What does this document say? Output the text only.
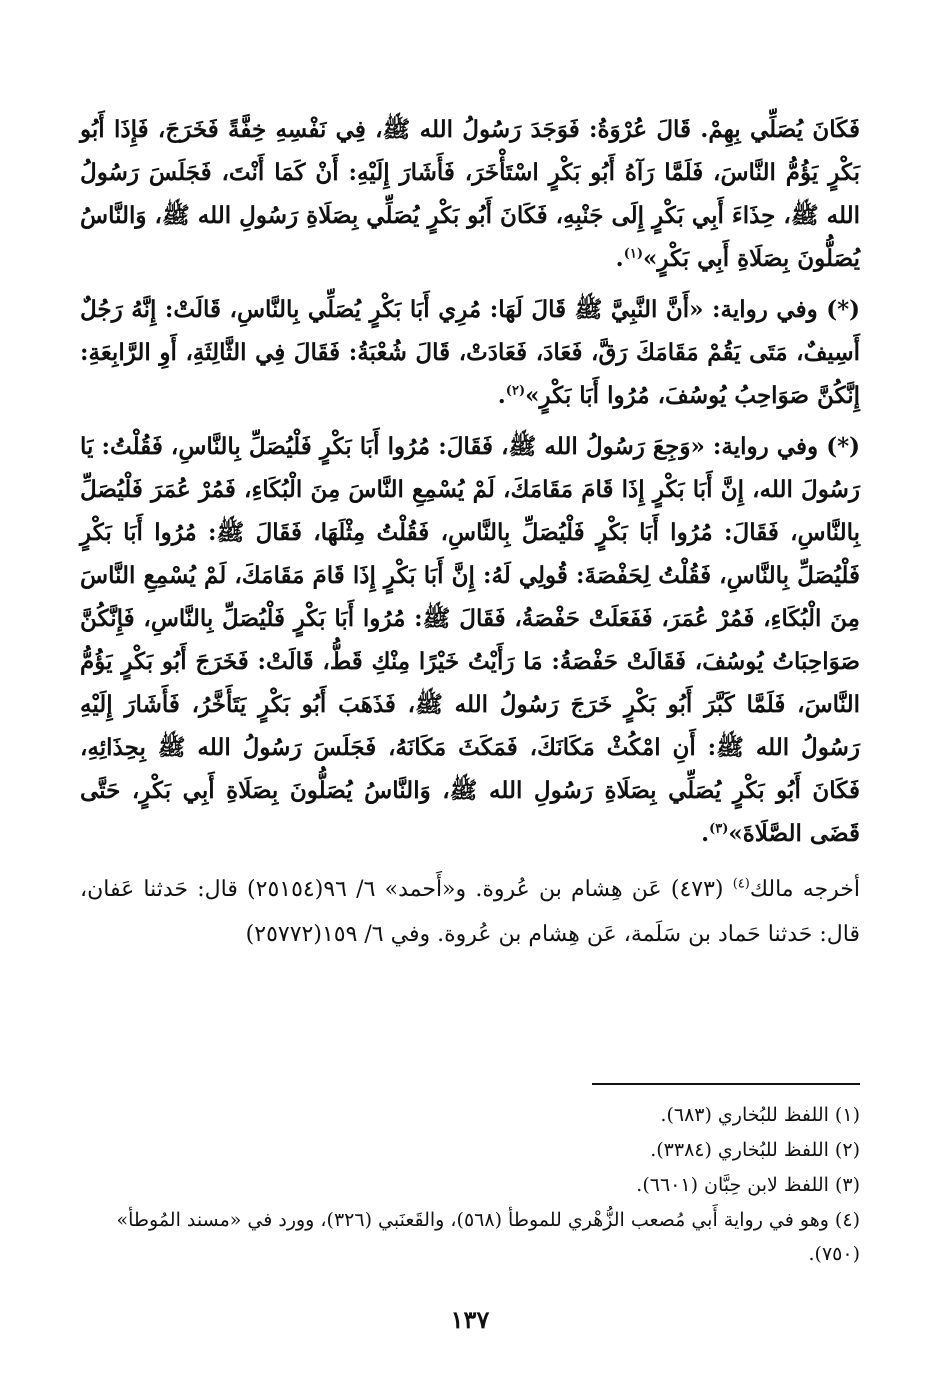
فَكَانَ يُصَلِّي بِهِمْ. قَالَ عُرْوَةُ: فَوَجَدَ رَسُولُ الله ﷺ، فِي نَفْسِهِ خِفَّةً فَخَرَجَ، فَإِذَا أَبُو بَكْرٍ يَؤُمُّ النَّاسَ، فَلَمَّا رَآهُ أَبُو بَكْرٍ اسْتَأْخَرَ، فَأَشَارَ إِلَيْهِ: أَنْ كَمَا أَنْتَ، فَجَلَسَ رَسُولُ الله ﷺ، حِذَاءَ أَبِي بَكْرٍ إِلَى جَنْبِهِ، فَكَانَ أَبُو بَكْرٍ يُصَلِّي بِصَلَاةِ رَسُولِ الله ﷺ، وَالنَّاسُ يُصَلُّونَ بِصَلَاةِ أَبِي بَكْرٍ»$^{(١)}$.

(*) وفي رواية: «أَنَّ النَّبِيَّ ﷺ قَالَ لَهَا: مُرِي أَبَا بَكْرٍ يُصَلِّي بِالنَّاسِ، قَالَتْ: إِنَّهُ رَجُلٌ أَسِيفٌ، مَتَى يَقُمْ مَقَامَكَ رَقَّ، فَعَادَ، فَعَادَتْ، قَالَ شُعْبَةُ: فَقَالَ فِي الثَّالِثَةِ، أَوِ الرَّابِعَةِ: إِنَّكُنَّ صَوَاحِبُ يُوسُفَ، مُرُوا أَبَا بَكْرٍ»$^{(٢)}$.

(*) وفي رواية: «وَجِعَ رَسُولُ الله ﷺ، فَقَالَ: مُرُوا أَبَا بَكْرٍ فَلْيُصَلِّ بِالنَّاسِ، فَقُلْتُ: يَا رَسُولَ الله، إِنَّ أَبَا بَكْرٍ إِذَا قَامَ مَقَامَكَ، لَمْ يُسْمِعِ النَّاسَ مِنَ الْبُكَاءِ، فَمُرْ عُمَرَ فَلْيُصَلِّ بِالنَّاسِ، فَقَالَ: مُرُوا أَبَا بَكْرٍ فَلْيُصَلِّ بِالنَّاسِ، فَقُلْتُ مِثْلَهَا، فَقَالَ ﷺ: مُرُوا أَبَا بَكْرٍ فَلْيُصَلِّ بِالنَّاسِ، فَقُلْتُ لِحَفْصَةَ: قُولِي لَهُ: إِنَّ أَبَا بَكْرٍ إِذَا قَامَ مَقَامَكَ، لَمْ يُسْمِعِ النَّاسَ مِنَ الْبُكَاءِ، فَمُرْ عُمَرَ، فَفَعَلَتْ حَفْصَةُ، فَقَالَ ﷺ: مُرُوا أَبَا بَكْرٍ فَلْيُصَلِّ بِالنَّاسِ، فَإِنَّكُنَّ صَوَاحِبَاتُ يُوسُفَ، فَقَالَتْ حَفْصَةُ: مَا رَأَيْتُ خَيْرًا مِنْكِ قَطُّ، قَالَتْ: فَخَرَجَ أَبُو بَكْرٍ يَؤُمُّ النَّاسَ، فَلَمَّا كَبَّرَ أَبُو بَكْرٍ خَرَجَ رَسُولُ الله ﷺ، فَذَهَبَ أَبُو بَكْرٍ يَتَأَخَّرُ، فَأَشَارَ إِلَيْهِ رَسُولُ الله ﷺ: أَنِ امْكُثْ مَكَانَكَ، فَمَكَثَ مَكَانَهُ، فَجَلَسَ رَسُولُ الله ﷺ بِحِذَائِهِ، فَكَانَ أَبُو بَكْرٍ يُصَلِّي بِصَلَاةِ رَسُولِ الله ﷺ، وَالنَّاسُ يُصَلُّونَ بِصَلَاةِ أَبِي بَكْرٍ، حَتَّى قَضَى الصَّلَاةَ»$^{(٣)}$.

أخرجه مالك$^{(٤)}$ (٤٧٣) عَن هِشام بن عُروة. و«أَحمد» ٦/ ٩٦(٢٥١٥٤) قال: حَدثنا عَفان، قال: حَدثنا حَماد بن سَلَمة، عَن هِشام بن عُروة. وفي ٦/ ١٥٩(٢٥٧٧٢)

(١) اللفظ للبُخاري (٦٨٣).

(٢) اللفظ للبُخاري (٣٣٨٤).

(٣) اللفظ لابن حِبَّان (٦٦٠١).

(٤) وهو في رواية أَبي مُصعب الزُّهْري للموطأ (٥٦٨)، والقَعنَبي (٣٢٦)، وورد في «مسند المُوطأ» (٧٥٠).

١٣٧
